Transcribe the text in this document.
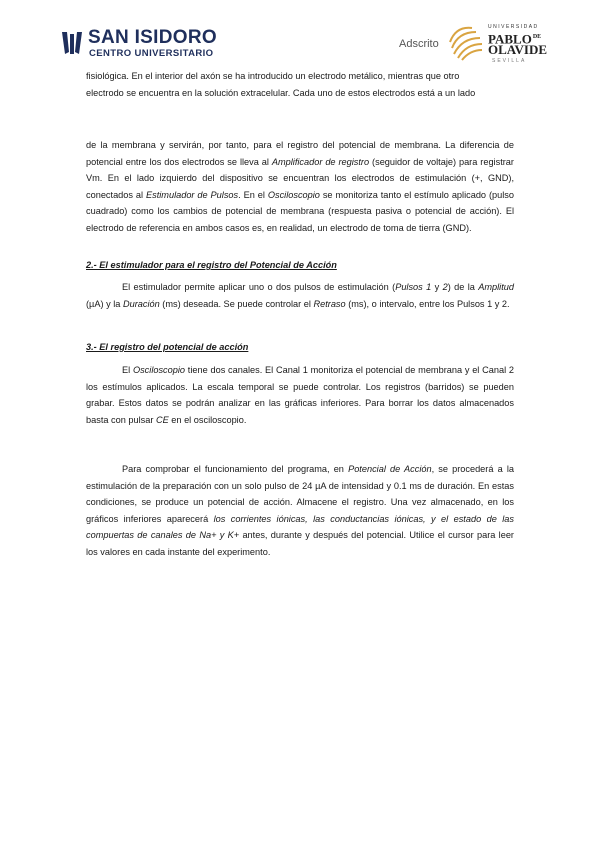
SAN ISIDORO
CENTRO UNIVERSITARIO
Adscrito
UNIVERSIDAD
$PABLO^{DE}$
OLAVIDE
SEVILLA

fisiológica. En el interior del axón se ha introducido un electrodo metálico, mientras que otro
electrodo se encuentra en la solución extracelular. Cada uno de estos electrodos está a un lado

de la membrana y servirán, por tanto, para el registro del potencial de membrana. La diferencia de potencial entre los dos electrodos se lleva al Amplificador de registro (seguidor de voltaje) para registrar Vm. En el lado izquierdo del dispositivo se encuentran los electrodos de estimulación (+, GND), conectados al Estimulador de Pulsos. En el Osciloscopio se monitoriza tanto el estímulo aplicado (pulso cuadrado) como los cambios de potencial de membrana (respuesta pasiva o potencial de acción). El electrodo de referencia en ambos casos es, en realidad, un electrodo de toma de tierra (GND).

2.- El estimulador para el registro del Potencial de Acción

El estimulador permite aplicar uno o dos pulsos de estimulación (Pulsos 1 y 2) de la Amplitud (µA) y la Duración (ms) deseada. Se puede controlar el Retraso (ms), o intervalo, entre los Pulsos 1 y 2.

3.- El registro del potencial de acción

El Osciloscopio tiene dos canales. El Canal 1 monitoriza el potencial de membrana y el Canal 2 los estímulos aplicados. La escala temporal se puede controlar. Los registros (barridos) se pueden grabar. Estos datos se podrán analizar en las gráficas inferiores. Para borrar los datos almacenados basta con pulsar CE en el osciloscopio.

Para comprobar el funcionamiento del programa, en Potencial de Acción, se procederá a la estimulación de la preparación con un solo pulso de 24 µA de intensidad y 0.1 ms de duración. En estas condiciones, se produce un potencial de acción. Almacene el registro. Una vez almacenado, en los gráficos inferiores aparecerá los corrientes iónicas, las conductancias iónicas, y el estado de las compuertas de canales de Na+ y K+ antes, durante y después del potencial. Utilice el cursor para leer los valores en cada instante del experimento.
